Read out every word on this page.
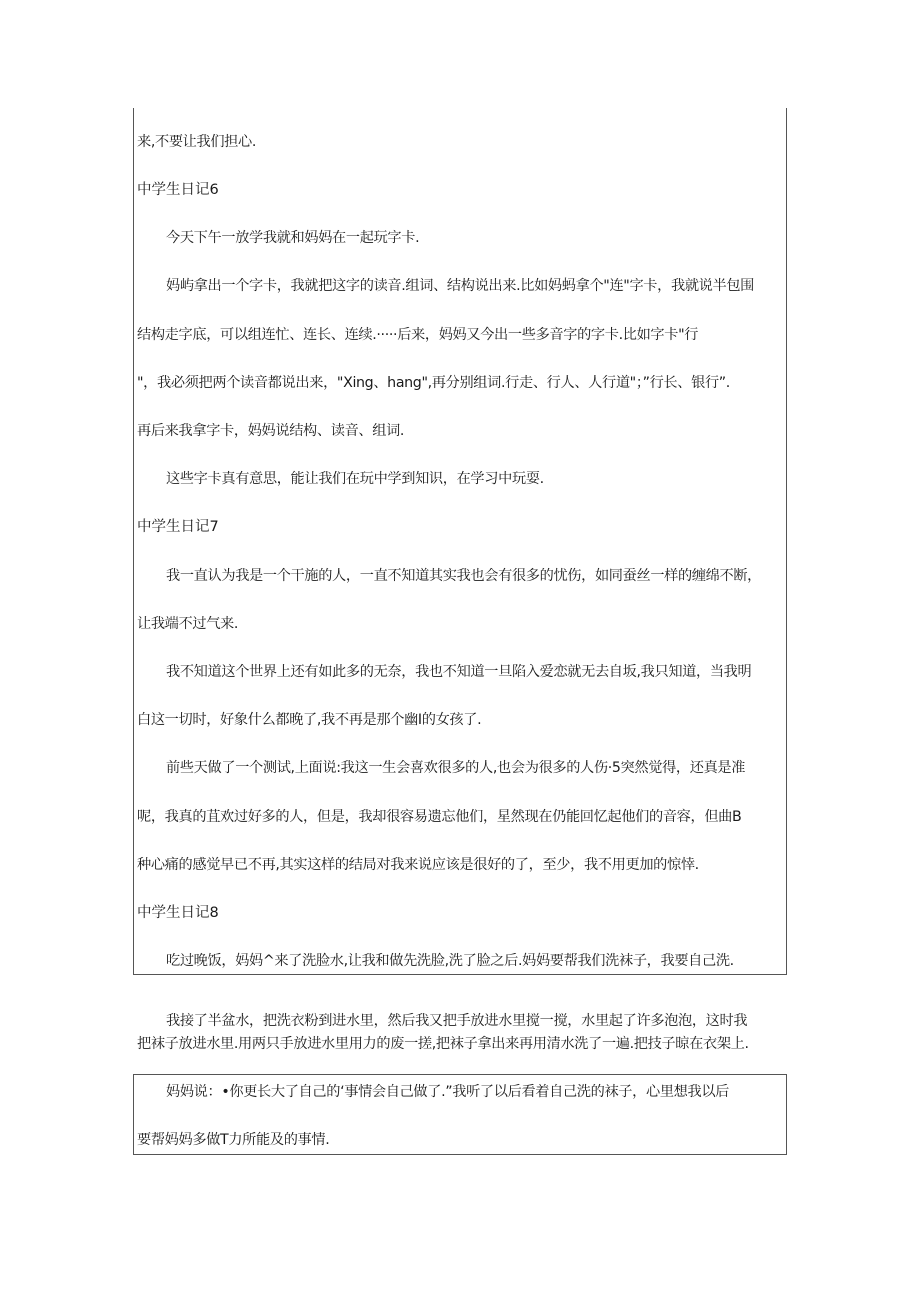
来,不要让我们担心.
中学生日记6
今天下午一放学我就和妈妈在一起玩字卡.
妈屿拿出一个字卡，我就把这字的读音.组词、结构说出来.比如妈蚂拿个"连"字卡，我就说半包围
结构走字底，可以组连忙、连长、连续.·····后来，妈妈又今出一些多音字的字卡.比如字卡"行
"，我必须把两个读音都说出来，"Xing、hang",再分别组词.行走、行人、人行道"；”行长、银行”.
再后来我拿字卡，妈妈说结构、读音、组词.
这些字卡真有意思，能让我们在玩中学到知识，在学习中玩耍.
中学生日记7
我一直认为我是一个干施的人，一直不知道其实我也会有很多的忧伤，如同蚕丝一样的缠绵不断，
让我端不过气来.
我不知道这个世界上还有如此多的无奈，我也不知道一旦陷入爱恋就无去自坂,我只知道，当我明
白这一切时，好象什么都晚了,我不再是那个幽I的女孩了.
前些天做了一个测试,上面说:我这一生会喜欢很多的人,也会为很多的人伤·5突然觉得，还真是准
呢，我真的苴欢过好多的人，但是，我却很容易遗忘他们，星然现在仍能回忆起他们的音容，但曲B
种心痛的感觉早已不再,其实这样的结局对我来说应该是很好的了，至少，我不用更加的惊悻.
中学生日记8
吃过晚饭，妈妈^来了洗脸水,让我和做先洗脸,洗了脸之后.妈妈要帮我们洗袜子，我要自己洗.
我接了半盆水，把洗衣粉到进水里，然后我又把手放进水里搅一搅，水里起了许多泡泡，这时我
把袜子放进水里.用两只手放进水里用力的废一搓,把袜子拿出来再用清水洗了一遍.把技子晾在衣架上.
妈妈说：•你更长大了自己的‘事情会自己做了.”我听了以后看着自己洗的袜子，心里想我以后
要帮妈妈多做T力所能及的事情.
